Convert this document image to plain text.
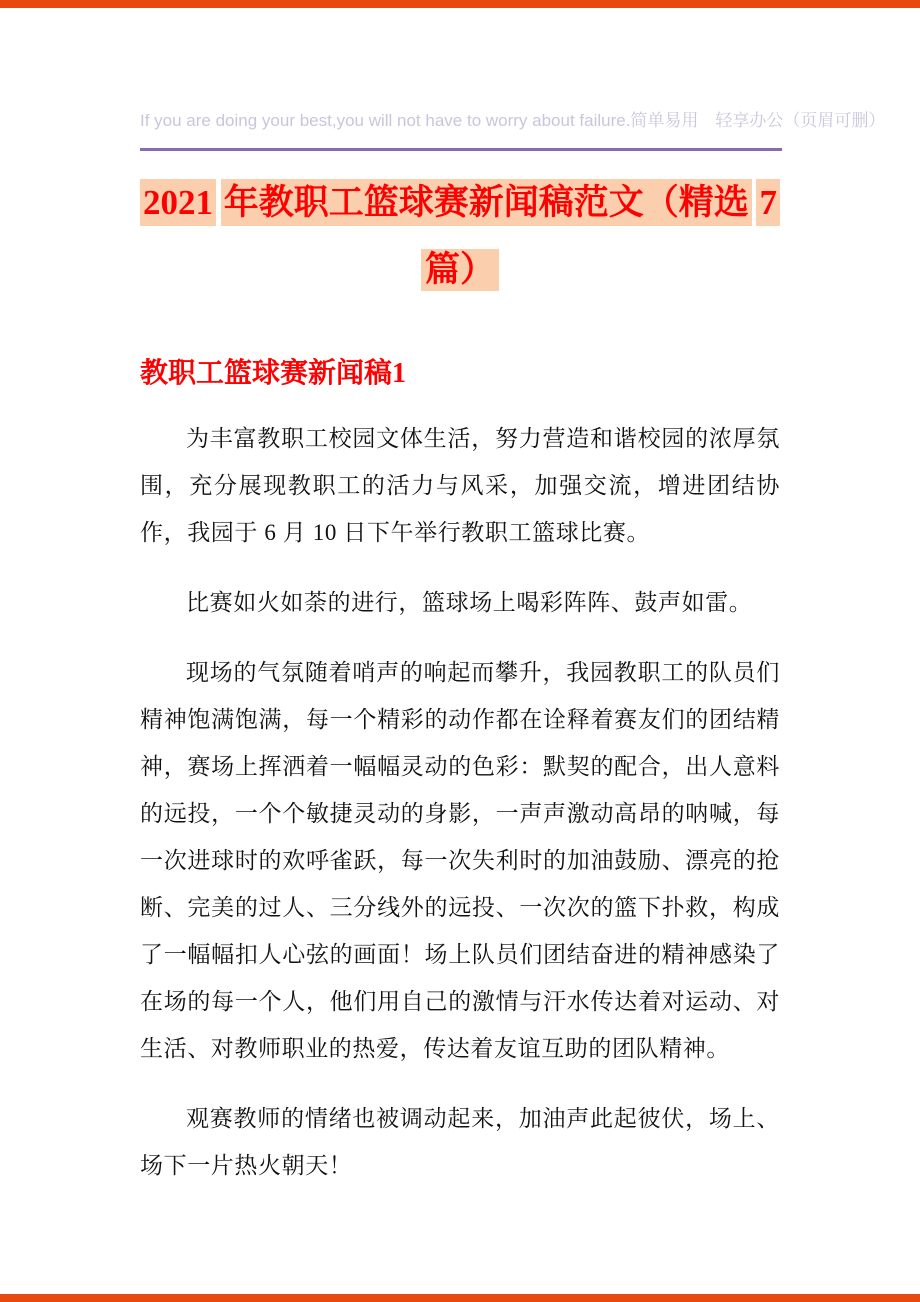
If you are doing your best,you will not have to worry about failure.简单易用　轻享办公（页眉可删）
2021 年教职工篮球赛新闻稿范文（精选 7
篇）
教职工篮球赛新闻稿1

为丰富教职工校园文体生活，努力营造和谐校园的浓厚氛围，充分展现教职工的活力与风采，加强交流，增进团结协作，我园于 6 月 10 日下午举行教职工篮球比赛。

比赛如火如荼的进行，篮球场上喝彩阵阵、鼓声如雷。

现场的气氛随着哨声的响起而攀升，我园教职工的队员们精神饱满饱满，每一个精彩的动作都在诠释着赛友们的团结精神，赛场上挥洒着一幅幅灵动的色彩：默契的配合，出人意料的远投，一个个敏捷灵动的身影，一声声激动高昂的呐喊，每一次进球时的欢呼雀跃，每一次失利时的加油鼓励、漂亮的抢断、完美的过人、三分线外的远投、一次次的篮下扑救，构成了一幅幅扣人心弦的画面！场上队员们团结奋进的精神感染了在场的每一个人，他们用自己的激情与汗水传达着对运动、对生活、对教师职业的热爱，传达着友谊互助的团队精神。

观赛教师的情绪也被调动起来，加油声此起彼伏，场上、场下一片热火朝天！
